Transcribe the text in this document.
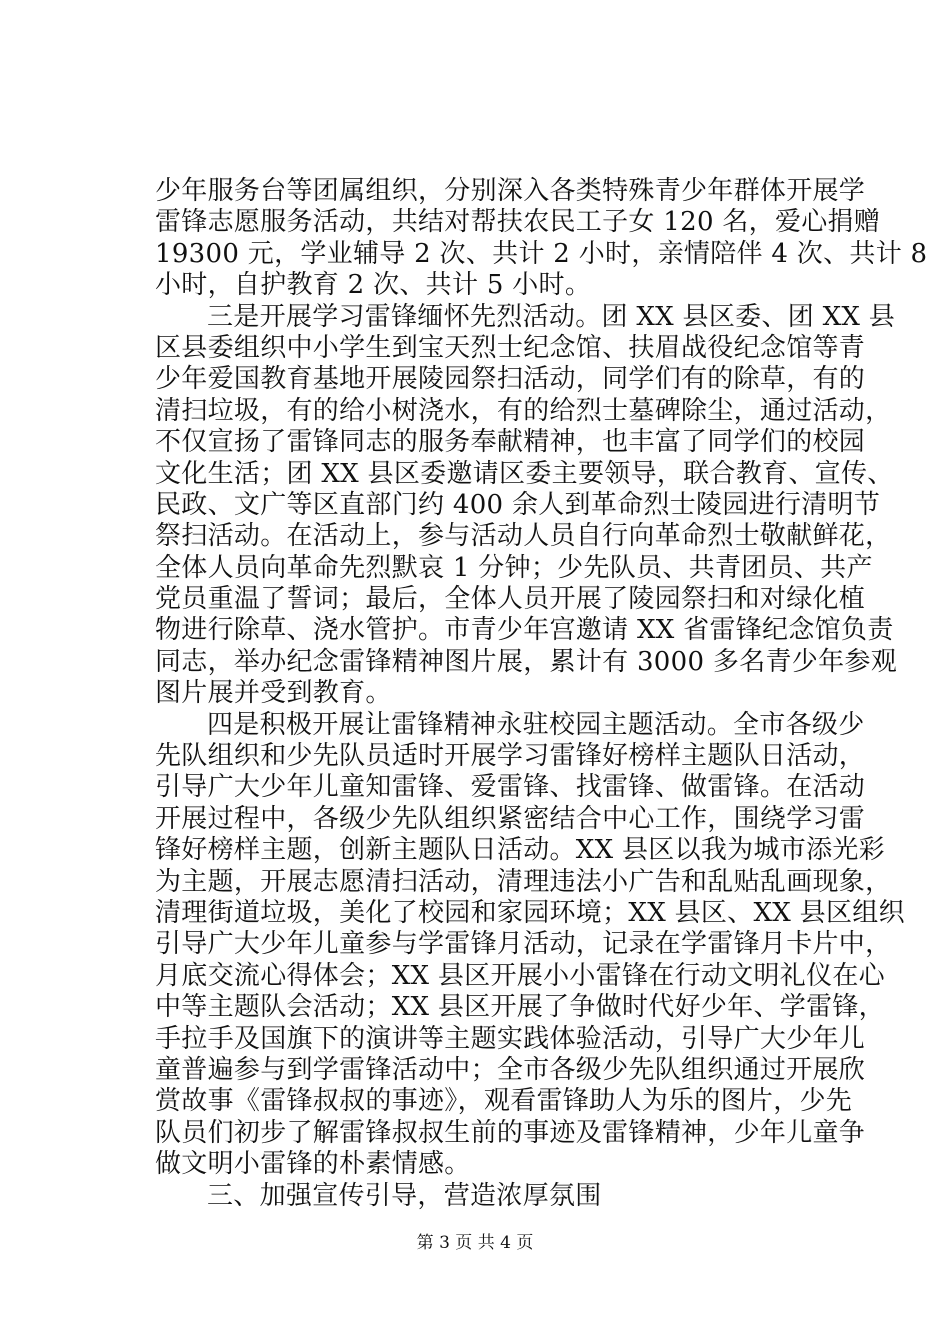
少年服务台等团属组织，分别深入各类特殊青少年群体开展学
雷锋志愿服务活动，共结对帮扶农民工子女 120 名，爱心捐赠
19300 元，学业辅导 2 次、共计 2 小时，亲情陪伴 4 次、共计 8
小时，自护教育 2 次、共计 5 小时。
三是开展学习雷锋缅怀先烈活动。团 XX 县区委、团 XX 县
区县委组织中小学生到宝天烈士纪念馆、扶眉战役纪念馆等青
少年爱国教育基地开展陵园祭扫活动，同学们有的除草，有的
清扫垃圾，有的给小树浇水，有的给烈士墓碑除尘，通过活动，
不仅宣扬了雷锋同志的服务奉献精神，也丰富了同学们的校园
文化生活；团 XX 县区委邀请区委主要领导，联合教育、宣传、
民政、文广等区直部门约 400 余人到革命烈士陵园进行清明节
祭扫活动。在活动上，参与活动人员自行向革命烈士敬献鲜花，
全体人员向革命先烈默哀 1 分钟；少先队员、共青团员、共产
党员重温了誓词；最后，全体人员开展了陵园祭扫和对绿化植
物进行除草、浇水管护。市青少年宫邀请 XX 省雷锋纪念馆负责
同志，举办纪念雷锋精神图片展，累计有 3000 多名青少年参观
图片展并受到教育。
四是积极开展让雷锋精神永驻校园主题活动。全市各级少
先队组织和少先队员适时开展学习雷锋好榜样主题队日活动，
引导广大少年儿童知雷锋、爱雷锋、找雷锋、做雷锋。在活动
开展过程中，各级少先队组织紧密结合中心工作，围绕学习雷
锋好榜样主题，创新主题队日活动。XX 县区以我为城市添光彩
为主题，开展志愿清扫活动，清理违法小广告和乱贴乱画现象，
清理街道垃圾，美化了校园和家园环境；XX 县区、XX 县区组织
引导广大少年儿童参与学雷锋月活动，记录在学雷锋月卡片中，
月底交流心得体会；XX 县区开展小小雷锋在行动文明礼仪在心
中等主题队会活动；XX 县区开展了争做时代好少年、学雷锋，
手拉手及国旗下的演讲等主题实践体验活动，引导广大少年儿
童普遍参与到学雷锋活动中；全市各级少先队组织通过开展欣
赏故事《雷锋叔叔的事迹》，观看雷锋助人为乐的图片，少先
队员们初步了解雷锋叔叔生前的事迹及雷锋精神，少年儿童争
做文明小雷锋的朴素情感。
三、加强宣传引导，营造浓厚氛围
第 3 页 共 4 页
